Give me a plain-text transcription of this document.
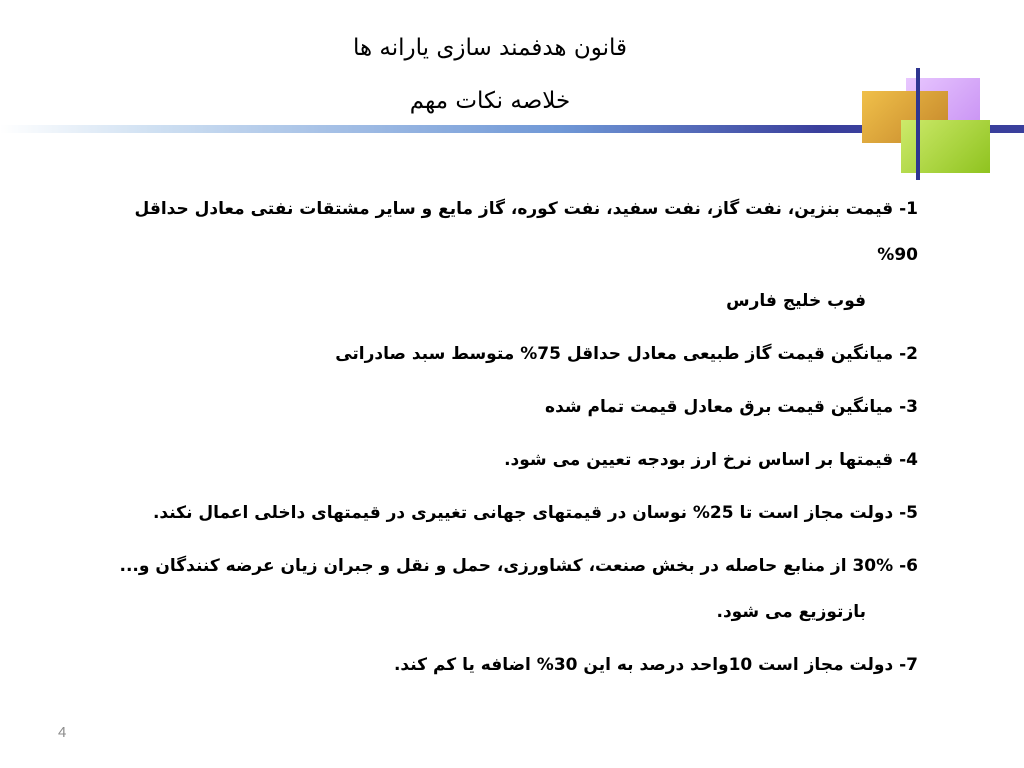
قانون هدفمند سازی یارانه ها
خلاصه نکات مهم
1- قیمت بنزین، نفت گاز، نفت سفید، نفت کوره، گاز مایع و سایر مشتقات نفتی معادل حداقل 90%
فوب خلیج فارس
2- میانگین قیمت گاز طبیعی معادل حداقل 75% متوسط سبد صادراتی
3- میانگین قیمت برق معادل قیمت تمام شده
4- قیمتها بر اساس نرخ ارز بودجه تعیین می شود.
5- دولت مجاز است تا 25% نوسان در قیمتهای جهانی تغییری در قیمتهای داخلی اعمال نکند.
6- 30% از منابع حاصله در بخش صنعت، کشاورزی، حمل و نقل و جبران زیان عرضه کنندگان و...
بازتوزیع می شود.
7- دولت مجاز است 10واحد درصد به این 30% اضافه یا کم کند.
4
